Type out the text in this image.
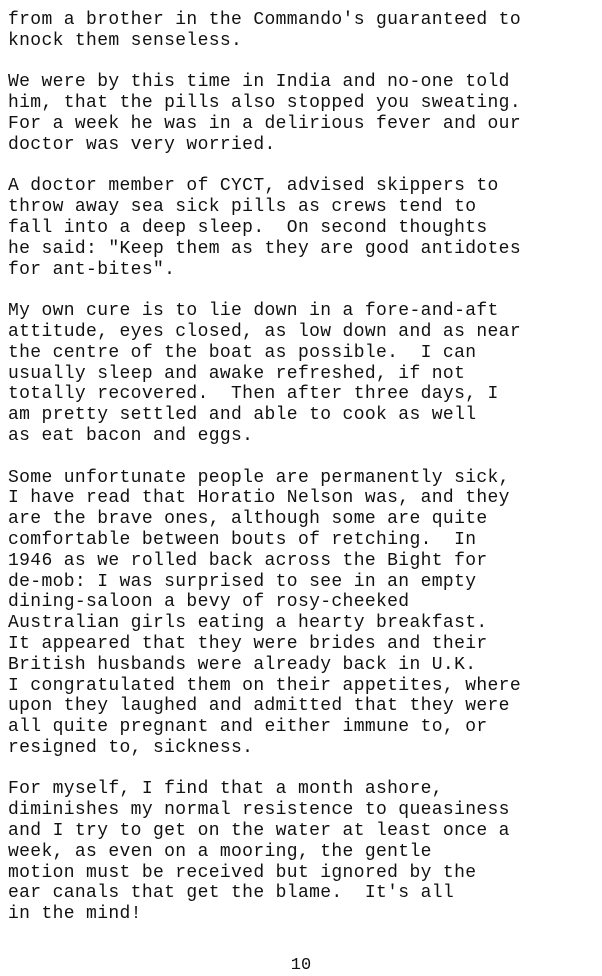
from a brother in the Commando's guaranteed to
knock them senseless.
We were by this time in India and no-one told
him, that the pills also stopped you sweating.
For a week he was in a delirious fever and our
doctor was very worried.
A doctor member of CYCT, advised skippers to
throw away sea sick pills as crews tend to
fall into a deep sleep.  On second thoughts
he said: "Keep them as they are good antidotes
for ant-bites".
My own cure is to lie down in a fore-and-aft
attitude, eyes closed, as low down and as near
the centre of the boat as possible.  I can
usually sleep and awake refreshed, if not
totally recovered.  Then after three days, I
am pretty settled and able to cook as well
as eat bacon and eggs.
Some unfortunate people are permanently sick,
I have read that Horatio Nelson was, and they
are the brave ones, although some are quite
comfortable between bouts of retching.  In
1946 as we rolled back across the Bight for
de-mob: I was surprised to see in an empty
dining-saloon a bevy of rosy-cheeked
Australian girls eating a hearty breakfast.
It appeared that they were brides and their
British husbands were already back in U.K.
I congratulated them on their appetites, where
upon they laughed and admitted that they were
all quite pregnant and either immune to, or
resigned to, sickness.
For myself, I find that a month ashore,
diminishes my normal resistence to queasiness
and I try to get on the water at least once a
week, as even on a mooring, the gentle
motion must be received but ignored by the
ear canals that get the blame.  It's all
in the mind!
10
